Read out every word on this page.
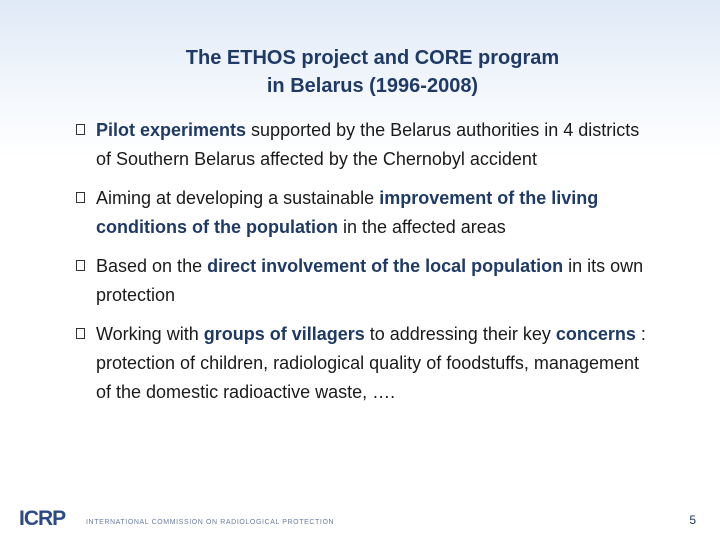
The ETHOS project and CORE program
in Belarus (1996-2008)
Pilot experiments supported by the Belarus authorities in 4 districts of Southern Belarus affected by the Chernobyl accident
Aiming at developing a sustainable improvement of the living conditions of the population in the affected areas
Based on the direct involvement of the local population in its own protection
Working with groups of villagers to addressing their key concerns : protection of children, radiological quality of foodstuffs, management of the domestic radioactive waste, ….
ICRP	INTERNATIONAL COMMISSION ON RADIOLOGICAL PROTECTION	5
